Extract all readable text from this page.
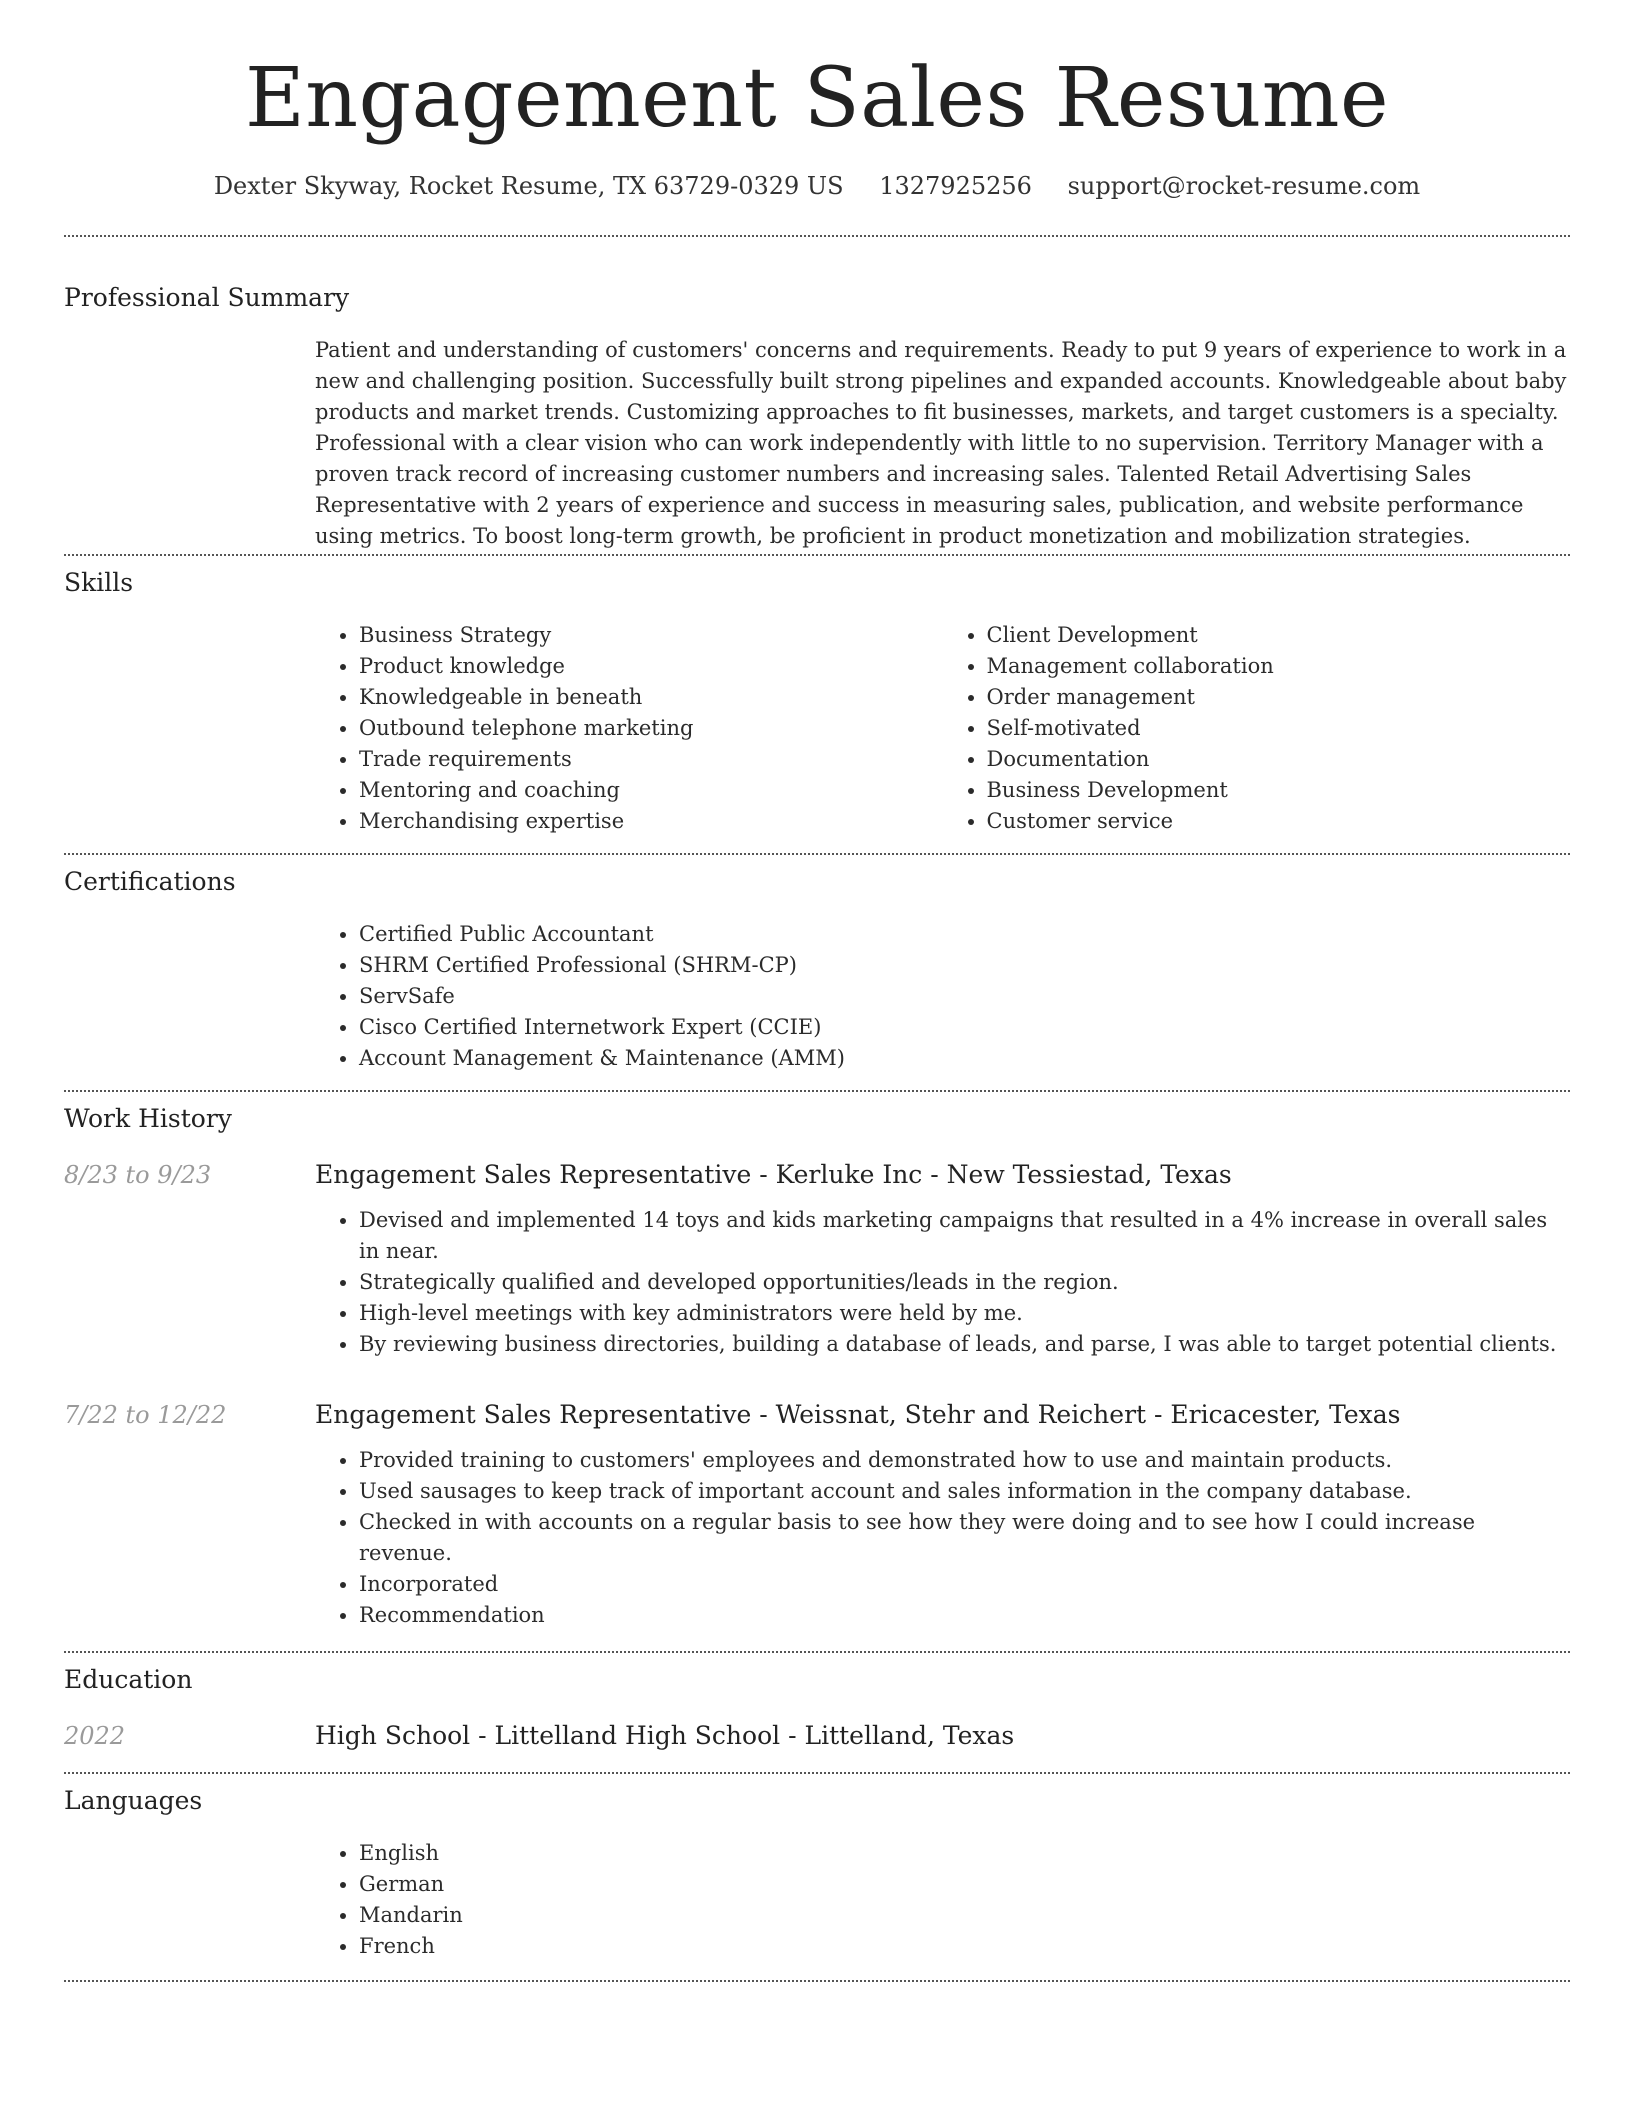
Engagement Sales Resume
Dexter Skyway, Rocket Resume, TX 63729-0329 US 1327925256 support@rocket-resume.com
Professional Summary

Patient and understanding of customers' concerns and requirements. Ready to put 9 years of experience to work in a new and challenging position. Successfully built strong pipelines and expanded accounts. Knowledgeable about baby products and market trends. Customizing approaches to fit businesses, markets, and target customers is a specialty. Professional with a clear vision who can work independently with little to no supervision. Territory Manager with a proven track record of increasing customer numbers and increasing sales. Talented Retail Advertising Sales Representative with 2 years of experience and success in measuring sales, publication, and website performance using metrics. To boost long-term growth, be proficient in product monetization and mobilization strategies.

Skills
• Business Strategy
• Product knowledge
• Knowledgeable in beneath
• Outbound telephone marketing
• Trade requirements
• Mentoring and coaching
• Merchandising expertise
• Client Development
• Management collaboration
• Order management
• Self-motivated
• Documentation
• Business Development
• Customer service
Certifications
• Certified Public Accountant
• SHRM Certified Professional (SHRM-CP)
• ServSafe
• Cisco Certified Internetwork Expert (CCIE)
• Account Management & Maintenance (AMM)
Work History
8/23 to 9/23	Engagement Sales Representative - Kerluke Inc - New Tessiestad, Texas
• Devised and implemented 14 toys and kids marketing campaigns that resulted in a 4% increase in overall sales in near.
• Strategically qualified and developed opportunities/leads in the region.
• High-level meetings with key administrators were held by me.
• By reviewing business directories, building a database of leads, and parse, I was able to target potential clients.
7/22 to 12/22	Engagement Sales Representative - Weissnat, Stehr and Reichert - Ericacester, Texas
• Provided training to customers' employees and demonstrated how to use and maintain products.
• Used sausages to keep track of important account and sales information in the company database.
• Checked in with accounts on a regular basis to see how they were doing and to see how I could increase revenue.
• Incorporated
• Recommendation
Education
2022	High School - Littelland High School - Littelland, Texas
Languages
• English
• German
• Mandarin
• French
